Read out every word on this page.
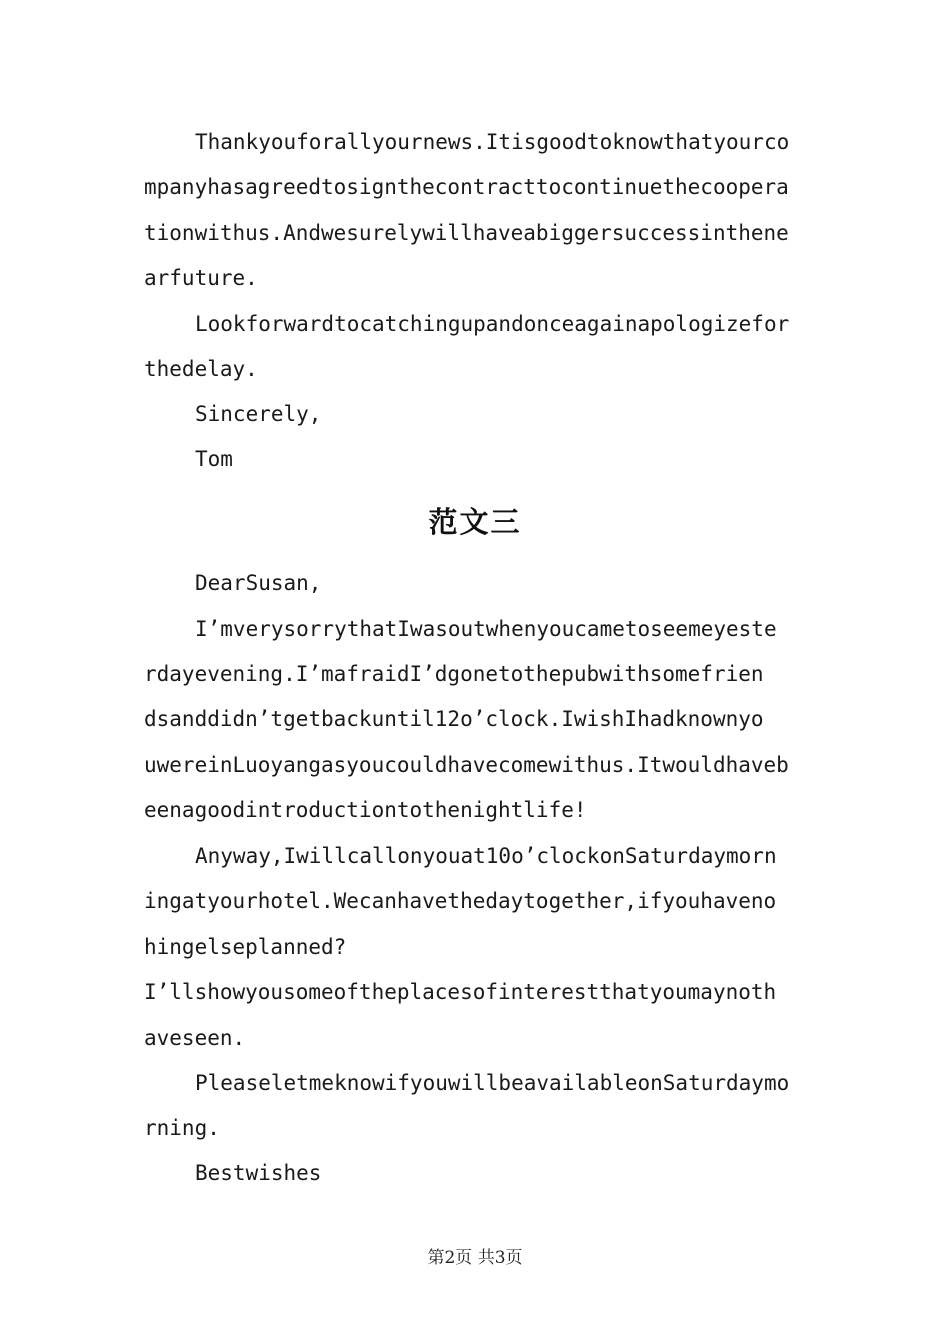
Thankyouforallyournews.Itisgoodtoknowthatyourco
mpanyhasagreedtosignthecontracttocontinuethecoopera
tionwithus.Andwesurelywillhaveabiggersuccessinthene
arfuture.
Lookforwardtocatchingupandonceagainapologizefor
thedelay.
Sincerely,
Tom
范文三
DearSusan,
I’mverysorrythatIwasoutwhenyoucametoseemeyeste
rdayevening.I’mafraidI’dgonetothepubwithsomefrien
dsanddidn’tgetbackuntil12o’clock.IwishIhadknownyo
uwereinLuoyangasyoucouldhavecomewithus.Itwouldhaveb
eenagoodintroductiontothenightlife!
Anyway,Iwillcallonyouat10o’clockonSaturdaymorn
ingatyourhotel.Wecanhavethedaytogether,ifyouhaveno
hingelseplanned?
I’llshowyousomeoftheplacesofinterestthatyoumaynoth
aveseen.
PleaseletmeknowifyouwillbeavailableonSaturdaymo
rning.
Bestwishes
第2页 共3页
